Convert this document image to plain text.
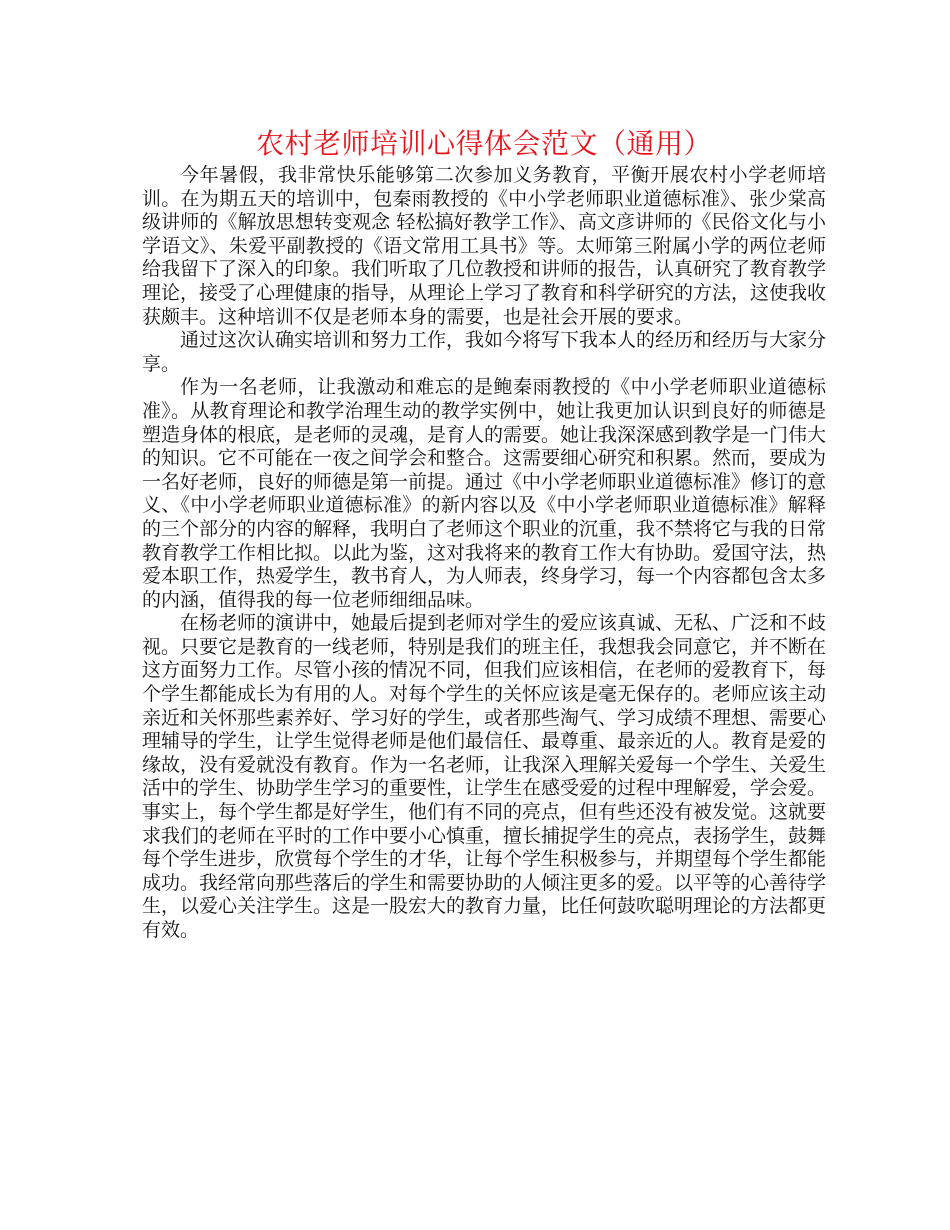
农村老师培训心得体会范文（通用）

今年暑假，我非常快乐能够第二次参加义务教育，平衡开展农村小学老师培训。在为期五天的培训中，包秦雨教授的《中小学老师职业道德标准》、张少棠高级讲师的《解放思想转变观念 轻松搞好教学工作》、高文彦讲师的《民俗文化与小学语文》、朱爱平副教授的《语文常用工具书》等。太师第三附属小学的两位老师给我留下了深入的印象。我们听取了几位教授和讲师的报告，认真研究了教育教学理论，接受了心理健康的指导，从理论上学习了教育和科学研究的方法，这使我收获颇丰。这种培训不仅是老师本身的需要，也是社会开展的要求。

通过这次认确实培训和努力工作，我如今将写下我本人的经历和经历与大家分享。

作为一名老师，让我激动和难忘的是鲍秦雨教授的《中小学老师职业道德标准》。从教育理论和教学治理生动的教学实例中，她让我更加认识到良好的师德是塑造身体的根底，是老师的灵魂，是育人的需要。她让我深深感到教学是一门伟大的知识。它不可能在一夜之间学会和整合。这需要细心研究和积累。然而，要成为一名好老师，良好的师德是第一前提。通过《中小学老师职业道德标准》修订的意义、《中小学老师职业道德标准》的新内容以及《中小学老师职业道德标准》解释的三个部分的内容的解释，我明白了老师这个职业的沉重，我不禁将它与我的日常教育教学工作相比拟。以此为鉴，这对我将来的教育工作大有协助。爱国守法，热爱本职工作，热爱学生，教书育人，为人师表，终身学习，每一个内容都包含太多的内涵，值得我的每一位老师细细品味。

在杨老师的演讲中，她最后提到老师对学生的爱应该真诚、无私、广泛和不歧视。只要它是教育的一线老师，特别是我们的班主任，我想我会同意它，并不断在这方面努力工作。尽管小孩的情况不同，但我们应该相信，在老师的爱教育下，每个学生都能成长为有用的人。对每个学生的关怀应该是毫无保存的。老师应该主动亲近和关怀那些素养好、学习好的学生，或者那些淘气、学习成绩不理想、需要心理辅导的学生，让学生觉得老师是他们最信任、最尊重、最亲近的人。教育是爱的缘故，没有爱就没有教育。作为一名老师，让我深入理解关爱每一个学生、关爱生活中的学生、协助学生学习的重要性，让学生在感受爱的过程中理解爱，学会爱。事实上，每个学生都是好学生，他们有不同的亮点，但有些还没有被发觉。这就要求我们的老师在平时的工作中要小心慎重，擅长捕捉学生的亮点，表扬学生，鼓舞每个学生进步，欣赏每个学生的才华，让每个学生积极参与，并期望每个学生都能成功。我经常向那些落后的学生和需要协助的人倾注更多的爱。以平等的心善待学生，以爱心关注学生。这是一股宏大的教育力量，比任何鼓吹聪明理论的方法都更有效。
